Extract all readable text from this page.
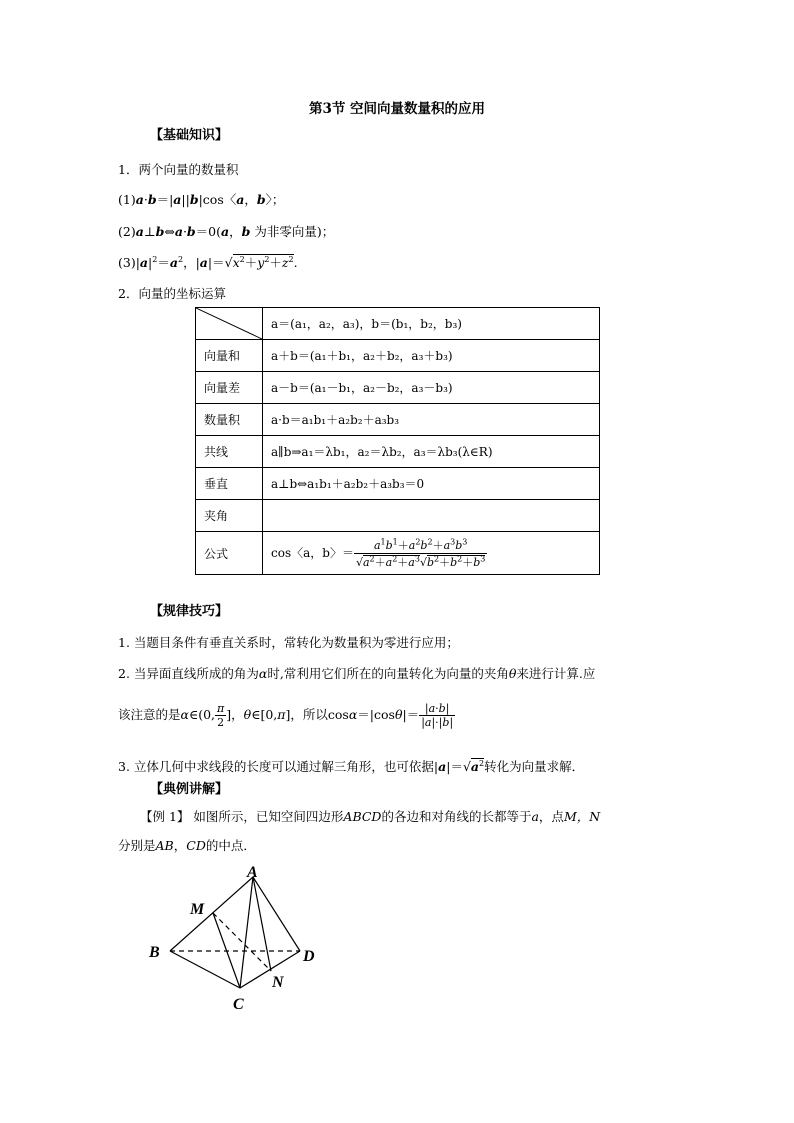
第3节 空间向量数量积的应用
【基础知识】
1．两个向量的数量积
(1)a·b＝|a||b|cos〈a，b〉；
(2)a⊥b⇔a·b＝0(a，b 为非零向量)；
$(3)|a|^2=a^2$，$|a|=√x^2+y^2+z^2$.
2．向量的坐标运算
	a＝(a₁，a₂，a₃)，b＝(b₁，b₂，b₃)
向量和	a＋b＝(a₁＋b₁，a₂＋b₂，a₃＋b₃)
向量差	a－b＝(a₁－b₁，a₂－b₂，a₃－b₃)
数量积	a·b＝a₁b₁＋a₂b₂＋a₃b₃
共线	a∥b⇒a₁＝λb₁，a₂＝λb₂，a₃＝λb₃(λ∈R)
垂直	a⊥b⇔a₁b₁＋a₂b₂＋a₃b₃＝0
夹角	
公式	cos〈a，b〉＝ $\frac{a^1b^1+a^2b^2+a^3b^3}{√a^2+a^2+a^3√b^2+b^2+b^3}$
【规律技巧】
1. 当题目条件有垂直关系时，常转化为数量积为零进行应用；
2. 当异面直线所成的角为α时,常利用它们所在的向量转化为向量的夹角θ来进行计算.应
该注意的是α∈(0, $\frac{\pi}{2}$ ]，θ∈[0,π]，所以$\cos\alpha=|\cos\theta|= \frac{|a\cdot b|}{|a|\cdot|b|}$
3. 立体几何中求线段的长度可以通过解三角形，也可依据$|a|=√a^2$转化为向量求解．
【典例讲解】
【例 1】 如图所示，已知空间四边形ABCD的各边和对角线的长都等于a，点M，N
分别是AB，CD的中点．
A
B
C
D
M
N
